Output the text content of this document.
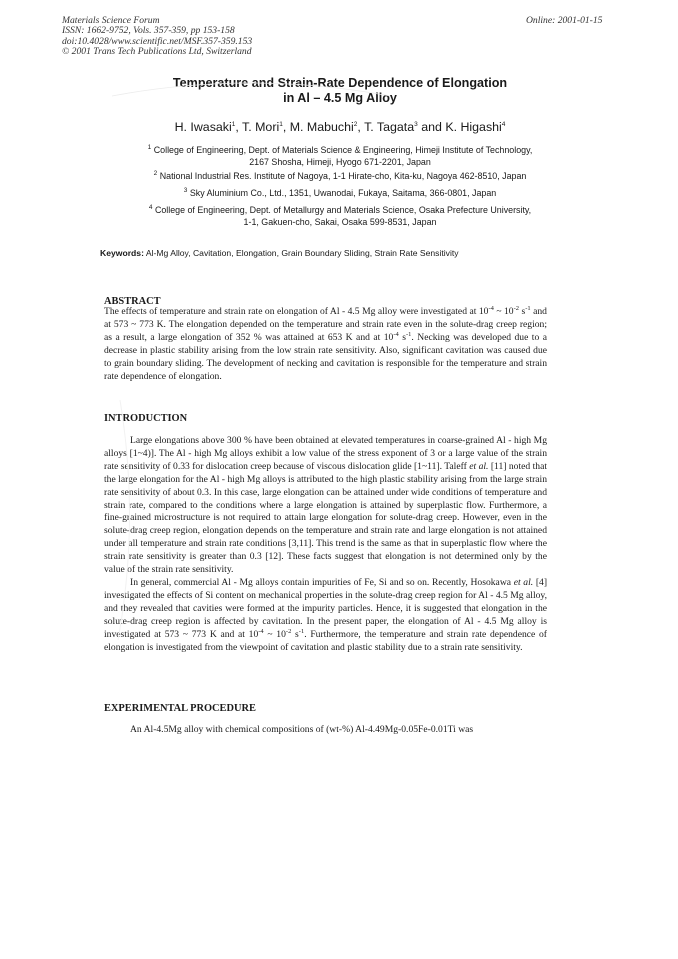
Materials Science Forum
ISSN: 1662-9752, Vols. 357-359, pp 153-158
doi:10.4028/www.scientific.net/MSF.357-359.153
© 2001 Trans Tech Publications Ltd, Switzerland
Online: 2001-01-15
Temperature and Strain-Rate Dependence of Elongation
in Al – 4.5 Mg Alloy
H. Iwasaki$^1$, T. Mori$^1$, M. Mabuchi$^2$, T. Tagata$^3$ and K. Higashi$^4$
$^1$ College of Engineering, Dept. of Materials Science & Engineering, Himeji Institute of Technology,
2167 Shosha, Himeji, Hyogo 671-2201, Japan
$^2$ National Industrial Res. Institute of Nagoya, 1-1 Hirate-cho, Kita-ku, Nagoya 462-8510, Japan
$^3$ Sky Aluminium Co., Ltd., 1351, Uwanodai, Fukaya, Saitama, 366-0801, Japan
$^4$ College of Engineering, Dept. of Metallurgy and Materials Science, Osaka Prefecture University,
1-1, Gakuen-cho, Sakai, Osaka 599-8531, Japan
Keywords: Al-Mg Alloy, Cavitation, Elongation, Grain Boundary Sliding, Strain Rate Sensitivity
ABSTRACT

The effects of temperature and strain rate on elongation of Al - 4.5 Mg alloy were investigated at $10^{-4}$ ~ $10^{-2}$ $s^{-1}$ and at 573 ~ 773 K. The elongation depended on the temperature and strain rate even in the solute-drag creep region; as a result, a large elongation of 352 % was attained at 653 K and at $10^{-4}$ $s^{-1}$. Necking was developed due to a decrease in plastic stability arising from the low strain rate sensitivity. Also, significant cavitation was caused due to grain boundary sliding. The development of necking and cavitation is responsible for the temperature and strain rate dependence of elongation.

INTRODUCTION

Large elongations above 300 % have been obtained at elevated temperatures in coarse-grained Al - high Mg alloys [1~4)]. The Al - high Mg alloys exhibit a low value of the stress exponent of 3 or a large value of the strain rate sensitivity of 0.33 for dislocation creep because of viscous dislocation glide [1~11]. Taleff et al. [11] noted that the large elongation for the Al - high Mg alloys is attributed to the high plastic stability arising from the large strain rate sensitivity of about 0.3. In this case, large elongation can be attained under wide conditions of temperature and strain rate, compared to the conditions where a large elongation is attained by superplastic flow. Furthermore, a fine-grained microstructure is not required to attain large elongation for solute-drag creep. However, even in the solute-drag creep region, elongation depends on the temperature and strain rate and large elongation is not attained under all temperature and strain rate conditions [3,11]. This trend is the same as that in superplastic flow where the strain rate sensitivity is greater than 0.3 [12]. These facts suggest that elongation is not determined only by the value of the strain rate sensitivity.

In general, commercial Al - Mg alloys contain impurities of Fe, Si and so on. Recently, Hosokawa et al. [4] investigated the effects of Si content on mechanical properties in the solute-drag creep region for Al - 4.5 Mg alloy, and they revealed that cavities were formed at the impurity particles. Hence, it is suggested that elongation in the solute-drag creep region is affected by cavitation. In the present paper, the elongation of Al - 4.5 Mg alloy is investigated at 573 ~ 773 K and at $10^{-4}$ ~ $10^{-2}$ $s^{-1}$. Furthermore, the temperature and strain rate dependence of elongation is investigated from the viewpoint of cavitation and plastic stability due to a strain rate sensitivity.

EXPERIMENTAL PROCEDURE

An Al-4.5Mg alloy with chemical compositions of (wt-%) Al-4.49Mg-0.05Fe-0.01Ti was
